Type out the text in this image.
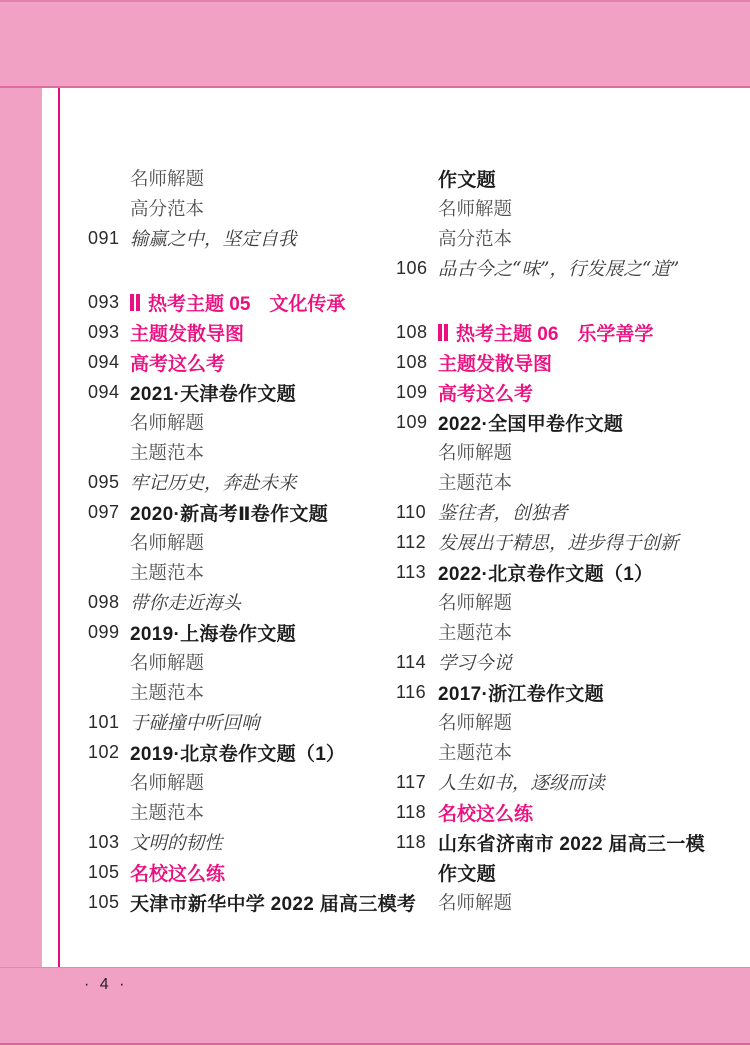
名师解题
高分范本
091 输赢之中，坚定自我
093	热考主题 05　文化传承
093 主题发散导图
094 高考这么考
094 2021·天津卷作文题
名师解题
主题范本
095 牢记历史，奔赴未来
097 2020·新高考Ⅱ卷作文题
名师解题
主题范本
098 带你走近海头
099 2019·上海卷作文题
名师解题
主题范本
101 于碰撞中听回响
102 2019·北京卷作文题（1）
名师解题
主题范本
103 文明的韧性
105 名校这么练
105 天津市新华中学 2022 届高三模考
作文题
名师解题
高分范本
106 品古今之“味”，行发展之“道”
108	热考主题 06　乐学善学
108 主题发散导图
109 高考这么考
109 2022·全国甲卷作文题
名师解题
主题范本
110 鉴往者，创独者
112 发展出于精思，进步得于创新
113 2022·北京卷作文题（1）
名师解题
主题范本
114 学习今说
116 2017·浙江卷作文题
名师解题
主题范本
117 人生如书，逐级而读
118 名校这么练
118 山东省济南市 2022 届高三一模
作文题
名师解题
· 4 ·
